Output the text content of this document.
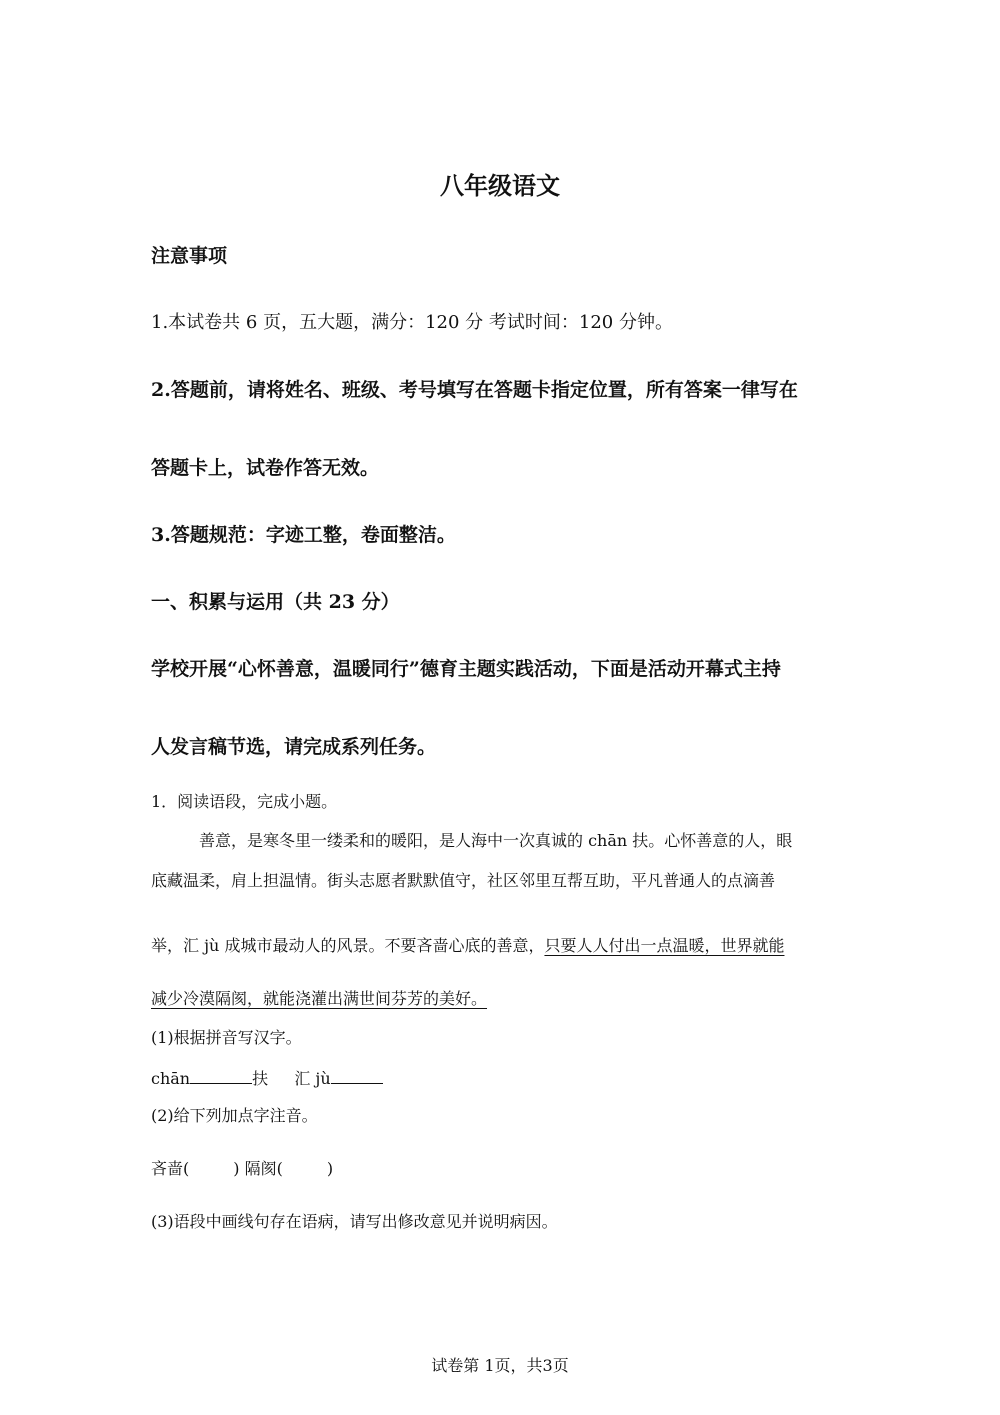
八年级语文
注意事项
1.本试卷共 6 页，五大题，满分：120 分 考试时间：120 分钟。
2.答题前，请将姓名、班级、考号填写在答题卡指定位置，所有答案一律写在
答题卡上，试卷作答无效。
3.答题规范：字迹工整，卷面整洁。
一、积累与运用（共 23 分）
学校开展“心怀善意，温暖同行”德育主题实践活动，下面是活动开幕式主持
人发言稿节选，请完成系列任务。
1．阅读语段，完成小题。
善意，是寒冬里一缕柔和的暖阳，是人海中一次真诚的 chān 扶。心怀善意的人，眼
底藏温柔，肩上担温情。街头志愿者默默值守，社区邻里互帮互助，平凡普通人的点滴善
举，汇 jù 成城市最动人的风景。不要吝啬心底的善意，只要人人付出一点温暖，世界就能
减少冷漠隔阂，就能浇灌出满世间芬芳的美好。
(1)根据拼音写汉字。
chān	扶 汇 jù
(2)给下列加点字注音。
吝啬(	) 隔阂(	)
(3)语段中画线句存在语病，请写出修改意见并说明病因。
试卷第 1页，共3页
